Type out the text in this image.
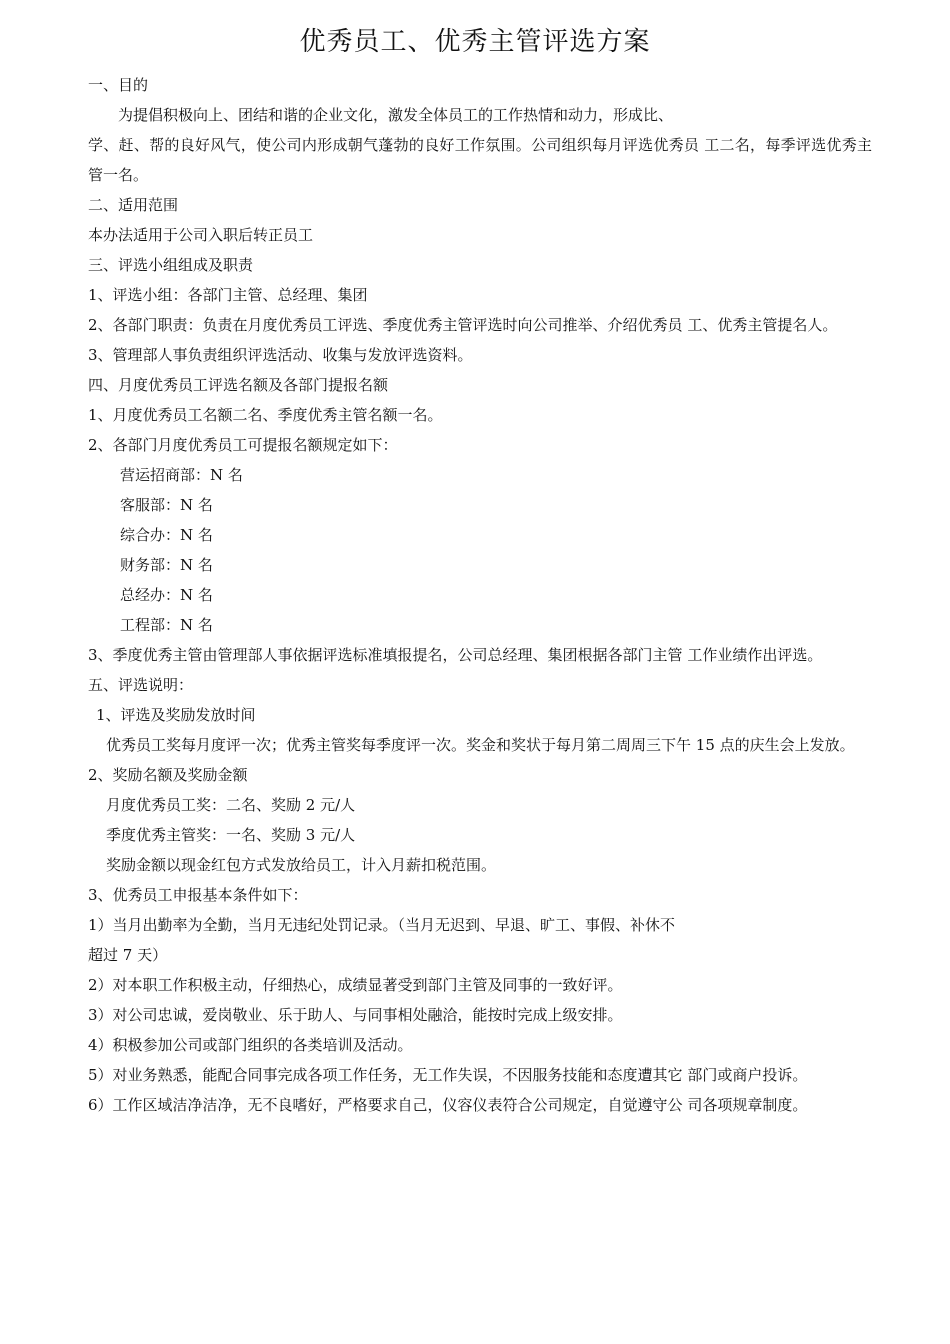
优秀员工、优秀主管评选方案

一、目的

为提倡积极向上、团结和谐的企业文化，激发全体员工的工作热情和动力，形成比、

学、赶、帮的良好风气，使公司内形成朝气蓬勃的良好工作氛围。公司组织每月评选优秀员 工二名，每季评选优秀主管一名。

二、适用范围

本办法适用于公司入职后转正员工

三、评选小组组成及职责

1、评选小组：各部门主管、总经理、集团

2、各部门职责：负责在月度优秀员工评选、季度优秀主管评选时向公司推举、介绍优秀员 工、优秀主管提名人。

3、管理部人事负责组织评选活动、收集与发放评选资料。

四、月度优秀员工评选名额及各部门提报名额

1、月度优秀员工名额二名、季度优秀主管名额一名。

2、各部门月度优秀员工可提报名额规定如下：

营运招商部：N 名

客服部：N 名

综合办：N 名

财务部：N 名

总经办：N 名

工程部：N 名

3、季度优秀主管由管理部人事依据评选标准填报提名，公司总经理、集团根据各部门主管 工作业绩作出评选。

五、评选说明：

1、评选及奖励发放时间

优秀员工奖每月度评一次；优秀主管奖每季度评一次。奖金和奖状于每月第二周周三下午 15 点的庆生会上发放。

2、奖励名额及奖励金额

月度优秀员工奖：二名、奖励 2 元/人

季度优秀主管奖：一名、奖励 3 元/人

奖励金额以现金红包方式发放给员工，计入月薪扣税范围。

3、优秀员工申报基本条件如下：

1）当月出勤率为全勤，当月无违纪处罚记录。（当月无迟到、早退、旷工、事假、补休不

超过 7 天）

2）对本职工作积极主动，仔细热心，成绩显著受到部门主管及同事的一致好评。

3）对公司忠诚，爱岗敬业、乐于助人、与同事相处融洽，能按时完成上级安排。

4）积极参加公司或部门组织的各类培训及活动。

5）对业务熟悉，能配合同事完成各项工作任务，无工作失误，不因服务技能和态度遭其它 部门或商户投诉。

6）工作区域洁净洁净，无不良嗜好，严格要求自己，仪容仪表符合公司规定，自觉遵守公 司各项规章制度。
